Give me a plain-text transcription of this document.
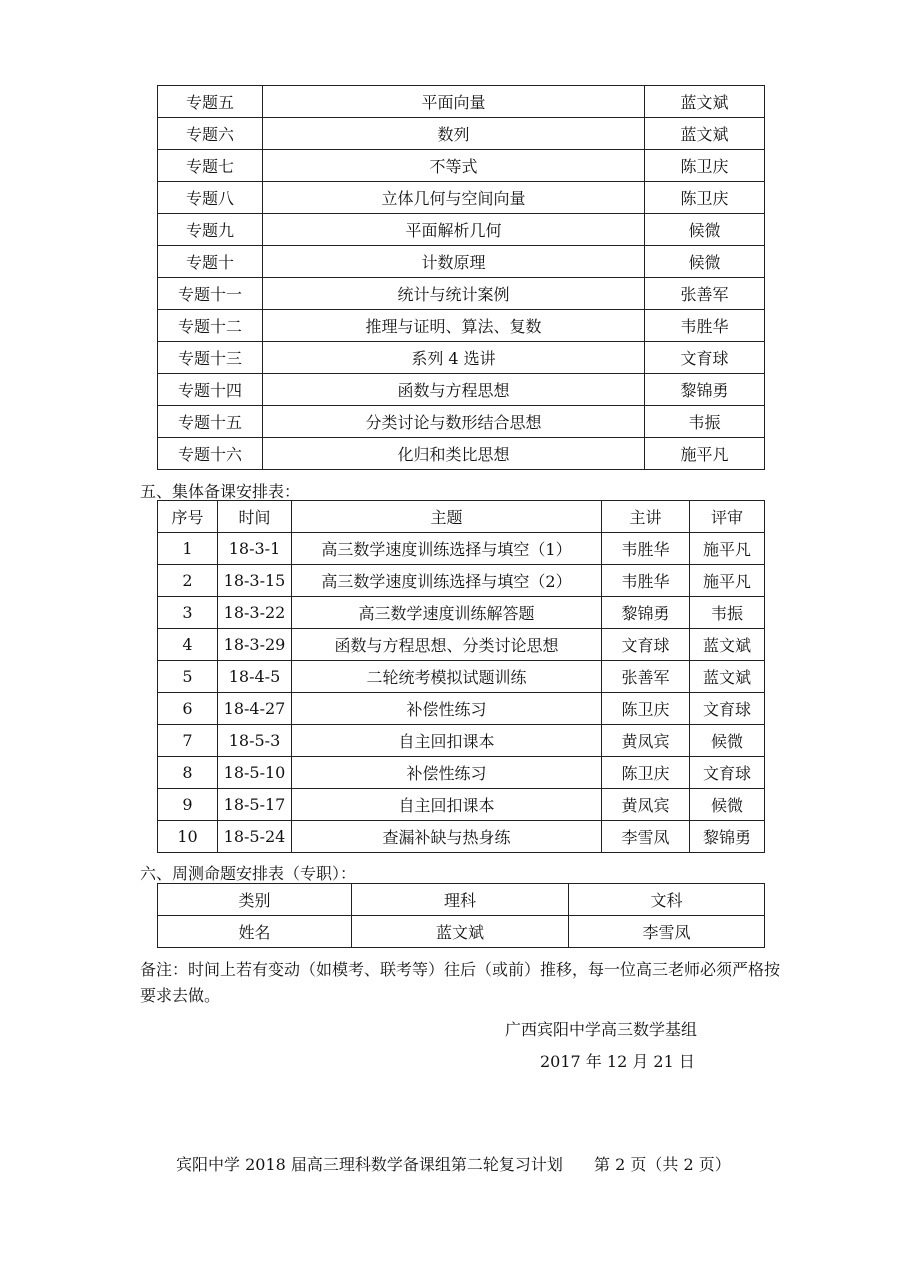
专题五	平面向量	蓝文斌
专题六	数列	蓝文斌
专题七	不等式	陈卫庆
专题八	立体几何与空间向量	陈卫庆
专题九	平面解析几何	候微
专题十	计数原理	候微
专题十一	统计与统计案例	张善军
专题十二	推理与证明、算法、复数	韦胜华
专题十三	系列 4 选讲	文育球
专题十四	函数与方程思想	黎锦勇
专题十五	分类讨论与数形结合思想	韦振
专题十六	化归和类比思想	施平凡
五、集体备课安排表：
序号	时间	主题	主讲	评审
1	18-3-1	高三数学速度训练选择与填空（1）	韦胜华	施平凡
2	18-3-15	高三数学速度训练选择与填空（2）	韦胜华	施平凡
3	18-3-22	高三数学速度训练解答题	黎锦勇	韦振
4	18-3-29	函数与方程思想、分类讨论思想	文育球	蓝文斌
5	18-4-5	二轮统考模拟试题训练	张善军	蓝文斌
6	18-4-27	补偿性练习	陈卫庆	文育球
7	18-5-3	自主回扣课本	黄凤宾	候微
8	18-5-10	补偿性练习	陈卫庆	文育球
9	18-5-17	自主回扣课本	黄凤宾	候微
10	18-5-24	查漏补缺与热身练	李雪凤	黎锦勇
六、周测命题安排表（专职）：
类别	理科	文科
姓名	蓝文斌	李雪凤
备注：时间上若有变动（如模考、联考等）往后（或前）推移，每一位高三老师必须严格按要求去做。
广西宾阳中学高三数学基组
2017 年 12 月 21 日
宾阳中学 2018 届高三理科数学备课组第二轮复习计划 第 2 页（共 2 页）
